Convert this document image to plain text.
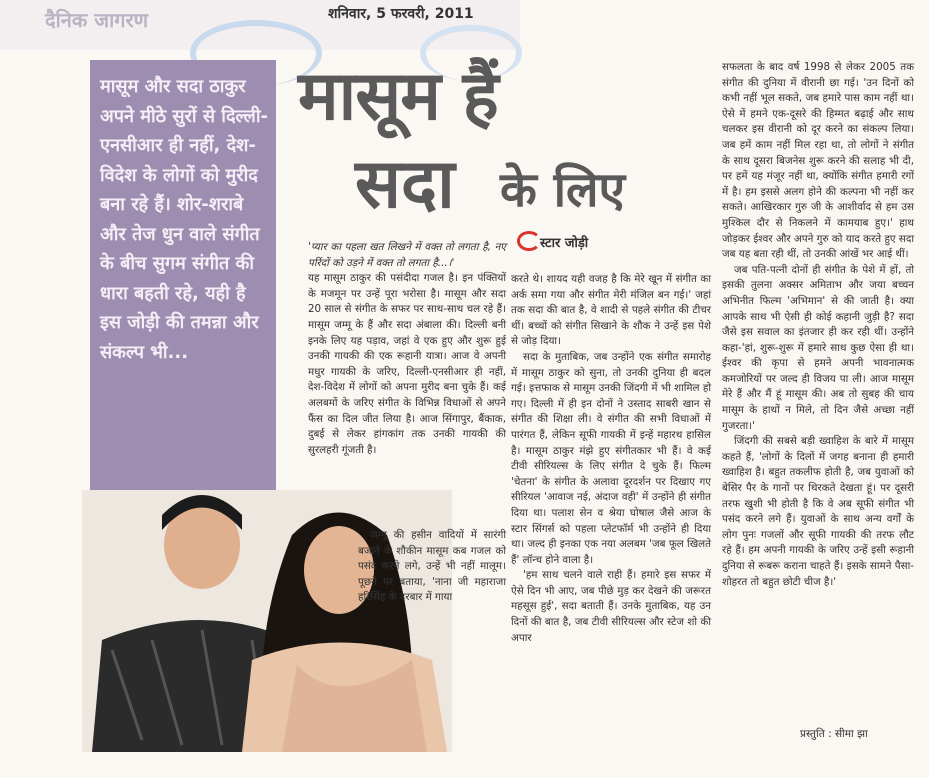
दैनिक जागरण	शनिवार, 5 फरवरी, 2011
मासूम और सदा ठाकुर अपने मीठे सुरों से दिल्ली-एनसीआर ही नहीं, देश-विदेश के लोगों को मुरीद बना रहे हैं। शोर-शराबे और तेज धुन वाले संगीत के बीच सुगम संगीत की धारा बहती रहे, यही है इस जोड़ी की तमन्ना और संकल्प भी...
मासूम हैं
सदा के लिए
स्टार जोड़ी

'प्यार का पहला खत लिखने में वक्त तो लगता है, नए परिंदों को उड़ने में वक्त तो लगता है...।'

यह मासूम ठाकुर की पसंदीदा गजल है। इन पंक्तियों के मजमून पर उन्हें पूरा भरोसा है। मासूम और सदा 20 साल से संगीत के सफर पर साथ-साथ चल रहे हैं। मासूम जम्मू के हैं और सदा अंबाला की। दिल्ली बनी इनके लिए यह पड़ाव, जहां वे एक हुए और शुरू हुई उनकी गायकी की एक रूहानी यात्रा। आज वे अपनी मधुर गायकी के जरिए, दिल्ली-एनसीआर ही नहीं, देश-विदेश में लोगों को अपना मुरीद बना चुके हैं। कई अलबमों के जरिए संगीत के विभिन्न विधाओं से अपने फैंस का दिल जीत लिया है। आज सिंगापुर, बैंकाक, दुबई से लेकर हांगकांग तक उनकी गायकी की सुरलहरी गूंजती है।

जम्मू की हसीन वादियों में सारंगी बजाने के शौकीन मासूम कब गजल को पसंद करने लगे, उन्हें भी नहीं मालूम। पूछने पर बताया, 'नाना जी महाराजा हरिसिंह के दरबार में गाया

करते थे। शायद यही वजह है कि मेरे खून में संगीत का अर्क समा गया और संगीत मेरी मंजिल बन गई।' जहां तक सदा की बात है, वे शादी से पहले संगीत की टीचर थीं। बच्चों को संगीत सिखाने के शौक ने उन्हें इस पेशे से जोड़ दिया।

सदा के मुताबिक, जब उन्होंने एक संगीत समारोह में मासूम ठाकुर को सुना, तो उनकी दुनिया ही बदल गई। इत्तफाक से मासूम उनकी जिंदगी में भी शामिल हो गए। दिल्ली में ही इन दोनों ने उस्ताद साबरी खान से संगीत की शिक्षा ली। वे संगीत की सभी विधाओं में पारंगत हैं, लेकिन सूफी गायकी में इन्हें महारथ हासिल है। मासूम ठाकुर मंझे हुए संगीतकार भी हैं। वे कई टीवी सीरियल्स के लिए संगीत दे चुके हैं। फिल्म 'चेतना' के संगीत के अलावा दूरदर्शन पर दिखाए गए सीरियल 'आवाज नई, अंदाज वही' में उन्होंने ही संगीत दिया था। पलाश सेन व श्रेया घोषाल जैसे आज के स्टार सिंगर्स को पहला प्लेटफॉर्म भी उन्होंने ही दिया था। जल्द ही इनका एक नया अलबम 'जब फूल खिलते हैं' लॉन्च होने वाला है।

'हम साथ चलने वाले राही हैं। हमारे इस सफर में ऐसे दिन भी आए, जब पीछे मुड़ कर देखने की जरूरत महसूस हुई', सदा बताती हैं। उनके मुताबिक, यह उन दिनों की बात है, जब टीवी सीरियल्स और स्टेज शो की अपार

सफलता के बाद वर्ष 1998 से लेकर 2005 तक संगीत की दुनिया में वीरानी छा गई। 'उन दिनों को कभी नहीं भूल सकते, जब हमारे पास काम नहीं था। ऐसे में हमने एक-दूसरे की हिम्मत बढ़ाई और साथ चलकर इस वीरानी को दूर करने का संकल्प लिया। जब हमें काम नहीं मिल रहा था, तो लोगों ने संगीत के साथ दूसरा बिजनेस शुरू करने की सलाह भी दी, पर हमें यह मंजूर नहीं था, क्योंकि संगीत हमारी रगों में है। हम इससे अलग होने की कल्पना भी नहीं कर सकते। आखिरकार गुरु जी के आशीर्वाद से हम उस मुश्किल दौर से निकलने में कामयाब हुए।' हाथ जोड़कर ईश्वर और अपने गुरु को याद करते हुए सदा जब यह बता रही थीं, तो उनकी आंखें भर आई थीं।

जब पति-पत्नी दोनों ही संगीत के पेशे में हों, तो इसकी तुलना अक्सर अमिताभ और जया बच्चन अभिनीत फिल्म 'अभिमान' से की जाती है। क्या आपके साथ भी ऐसी ही कोई कहानी जुड़ी है? सदा जैसे इस सवाल का इंतजार ही कर रही थीं। उन्होंने कहा-'हां, शुरू-शुरू में हमारे साथ कुछ ऐसा ही था। ईश्वर की कृपा से हमने अपनी भावनात्मक कमजोरियों पर जल्द ही विजय पा ली। आज मासूम मेरे हैं और मैं हूं मासूम की। अब तो सुबह की चाय मासूम के हाथों न मिले, तो दिन जैसे अच्छा नहीं गुजरता।'

जिंदगी की सबसे बड़ी ख्वाहिश के बारे में मासूम कहते हैं, 'लोगों के दिलों में जगह बनाना ही हमारी ख्वाहिश है। बहुत तकलीफ होती है, जब युवाओं को बेसिर पैर के गानों पर थिरकते देखता हूं। पर दूसरी तरफ खुशी भी होती है कि वे अब सूफी संगीत भी पसंद करने लगे हैं। युवाओं के साथ अन्य वर्गों के लोग पुनः गजलों और सूफी गायकी की तरफ लौट रहे हैं। हम अपनी गायकी के जरिए उन्हें इसी रूहानी दुनिया से रूबरू कराना चाहते हैं। इसके सामने पैसा-शोहरत तो बहुत छोटी चीज है।'

प्रस्तुति : सीमा झा
